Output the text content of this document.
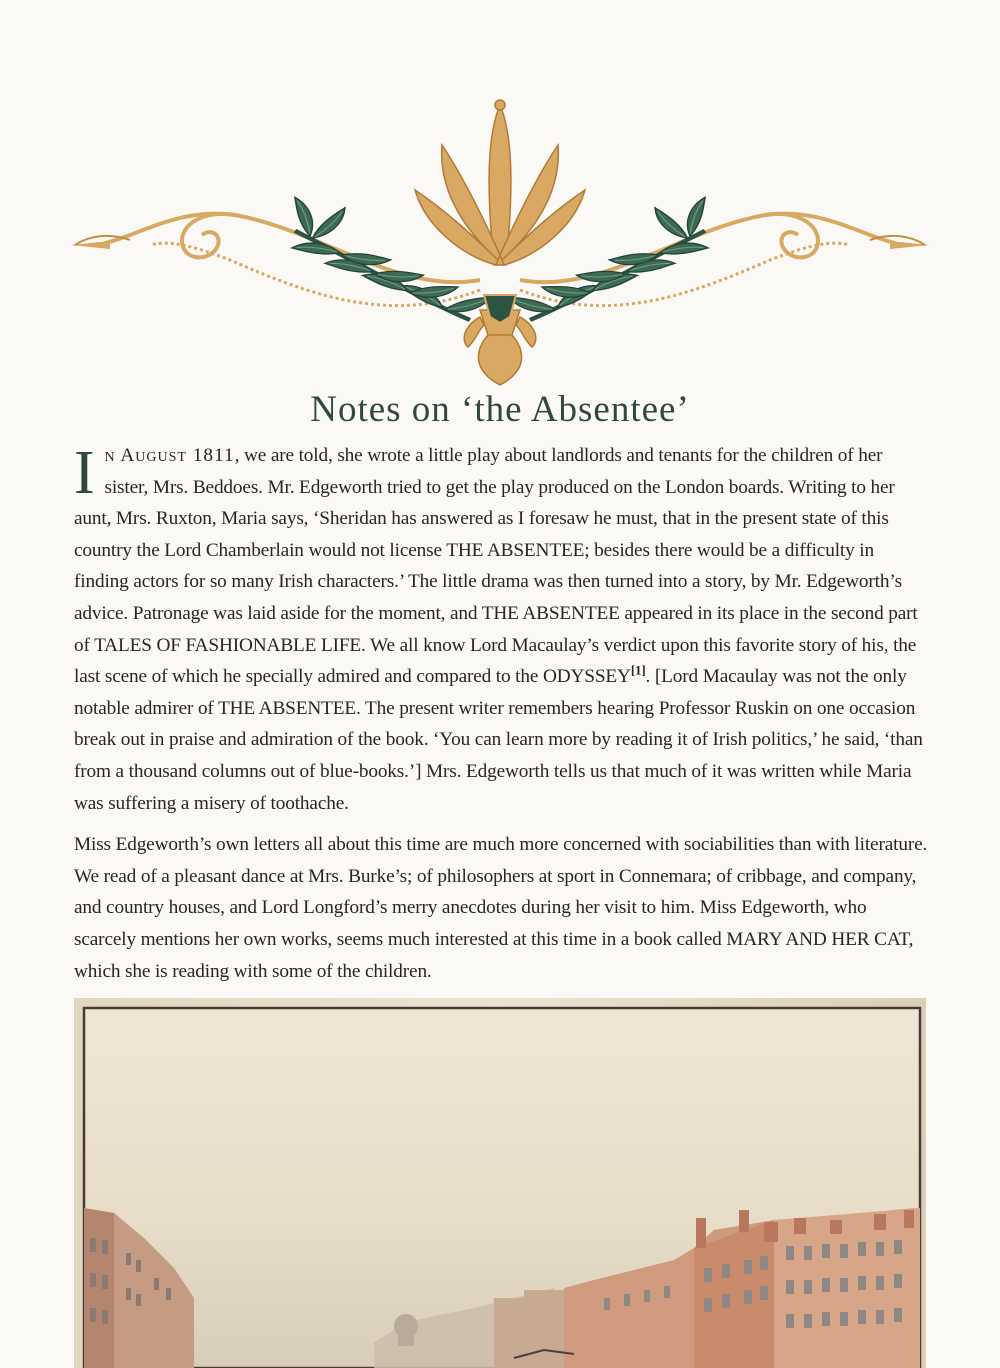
Notes on ‘the Absentee’

In August 1811, we are told, she wrote a little play about landlords and tenants for the children of her sister, Mrs. Beddoes. Mr. Edgeworth tried to get the play produced on the London boards. Writing to her aunt, Mrs. Ruxton, Maria says, ‘Sheridan has answered as I foresaw he must, that in the present state of this country the Lord Chamberlain would not license THE ABSENTEE; besides there would be a difficulty in finding actors for so many Irish characters.’ The little drama was then turned into a story, by Mr. Edgeworth’s advice. Patronage was laid aside for the moment, and THE ABSENTEE appeared in its place in the second part of TALES OF FASHIONABLE LIFE. We all know Lord Macaulay’s verdict upon this favorite story of his, the last scene of which he specially admired and compared to the ODYSSEY[1]. [Lord Macaulay was not the only notable admirer of THE ABSENTEE. The present writer remembers hearing Professor Ruskin on one occasion break out in praise and admiration of the book. ‘You can learn more by reading it of Irish politics,’ he said, ‘than from a thousand columns out of blue-books.’] Mrs. Edgeworth tells us that much of it was written while Maria was suffering a misery of toothache.

Miss Edgeworth’s own letters all about this time are much more concerned with sociabilities than with literature. We read of a pleasant dance at Mrs. Burke’s; of philosophers at sport in Connemara; of cribbage, and company, and country houses, and Lord Longford’s merry anecdotes during her visit to him. Miss Edgeworth, who scarcely mentions her own works, seems much interested at this time in a book called MARY AND HER CAT, which she is reading with some of the children.
